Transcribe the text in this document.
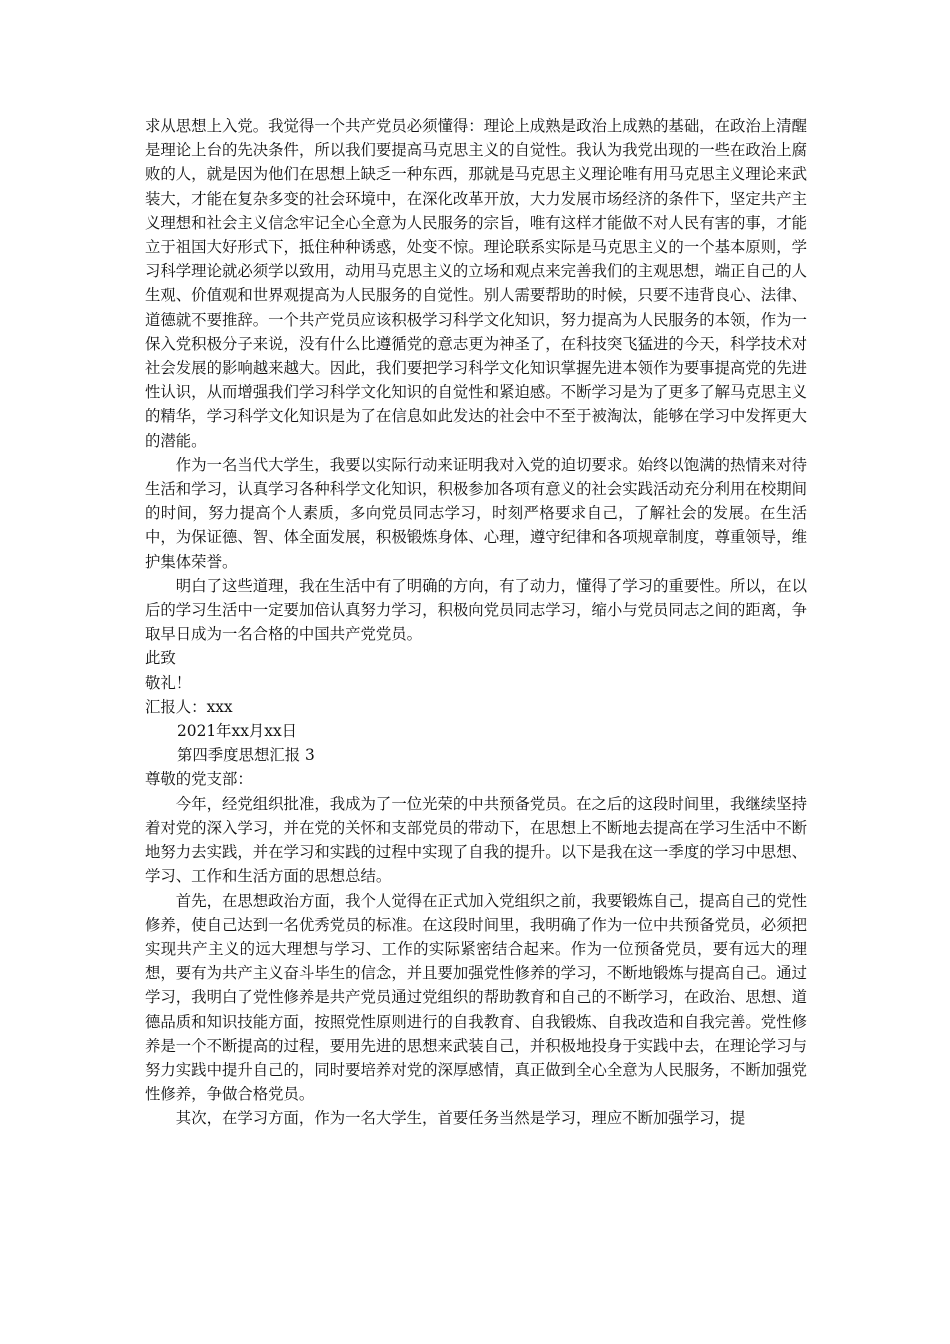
求从思想上入党。我觉得一个共产党员必须懂得：理论上成熟是政治上成熟的基础，在政治上清醒是理论上台的先决条件，所以我们要提高马克思主义的自觉性。我认为我党出现的一些在政治上腐败的人，就是因为他们在思想上缺乏一种东西，那就是马克思主义理论唯有用马克思主义理论来武装大，才能在复杂多变的社会环境中，在深化改革开放，大力发展市场经济的条件下，坚定共产主义理想和社会主义信念牢记全心全意为人民服务的宗旨，唯有这样才能做不对人民有害的事，才能立于祖国大好形式下，抵住种种诱惑，处变不惊。理论联系实际是马克思主义的一个基本原则，学习科学理论就必须学以致用，动用马克思主义的立场和观点来完善我们的主观思想，端正自己的人生观、价值观和世界观提高为人民服务的自觉性。别人需要帮助的时候，只要不违背良心、法律、道德就不要推辞。一个共产党员应该积极学习科学文化知识，努力提高为人民服务的本领，作为一保入党积极分子来说，没有什么比遵循党的意志更为神圣了，在科技突飞猛进的今天，科学技术对社会发展的影响越来越大。因此，我们要把学习科学文化知识掌握先进本领作为要事提高党的先进性认识，从而增强我们学习科学文化知识的自觉性和紧迫感。不断学习是为了更多了解马克思主义的精华，学习科学文化知识是为了在信息如此发达的社会中不至于被淘汰，能够在学习中发挥更大的潜能。

作为一名当代大学生，我要以实际行动来证明我对入党的迫切要求。始终以饱满的热情来对待生活和学习，认真学习各种科学文化知识，积极参加各项有意义的社会实践活动充分利用在校期间的时间，努力提高个人素质，多向党员同志学习，时刻严格要求自己，了解社会的发展。在生活中，为保证德、智、体全面发展，积极锻炼身体、心理，遵守纪律和各项规章制度，尊重领导，维护集体荣誉。

明白了这些道理，我在生活中有了明确的方向，有了动力，懂得了学习的重要性。所以，在以后的学习生活中一定要加倍认真努力学习，积极向党员同志学习，缩小与党员同志之间的距离，争取早日成为一名合格的中国共产党党员。

此致

敬礼！

汇报人：xxx

2021年xx月xx日

第四季度思想汇报 3

尊敬的党支部：

今年，经党组织批准，我成为了一位光荣的中共预备党员。在之后的这段时间里，我继续坚持着对党的深入学习，并在党的关怀和支部党员的带动下，在思想上不断地去提高在学习生活中不断地努力去实践，并在学习和实践的过程中实现了自我的提升。以下是我在这一季度的学习中思想、学习、工作和生活方面的思想总结。

首先，在思想政治方面，我个人觉得在正式加入党组织之前，我要锻炼自己，提高自己的党性修养，使自己达到一名优秀党员的标准。在这段时间里，我明确了作为一位中共预备党员，必须把实现共产主义的远大理想与学习、工作的实际紧密结合起来。作为一位预备党员，要有远大的理想，要有为共产主义奋斗毕生的信念，并且要加强党性修养的学习，不断地锻炼与提高自己。通过学习，我明白了党性修养是共产党员通过党组织的帮助教育和自己的不断学习，在政治、思想、道德品质和知识技能方面，按照党性原则进行的自我教育、自我锻炼、自我改造和自我完善。党性修养是一个不断提高的过程，要用先进的思想来武装自己，并积极地投身于实践中去，在理论学习与努力实践中提升自己的，同时要培养对党的深厚感情，真正做到全心全意为人民服务，不断加强党性修养，争做合格党员。

其次，在学习方面，作为一名大学生，首要任务当然是学习，理应不断加强学习，提
